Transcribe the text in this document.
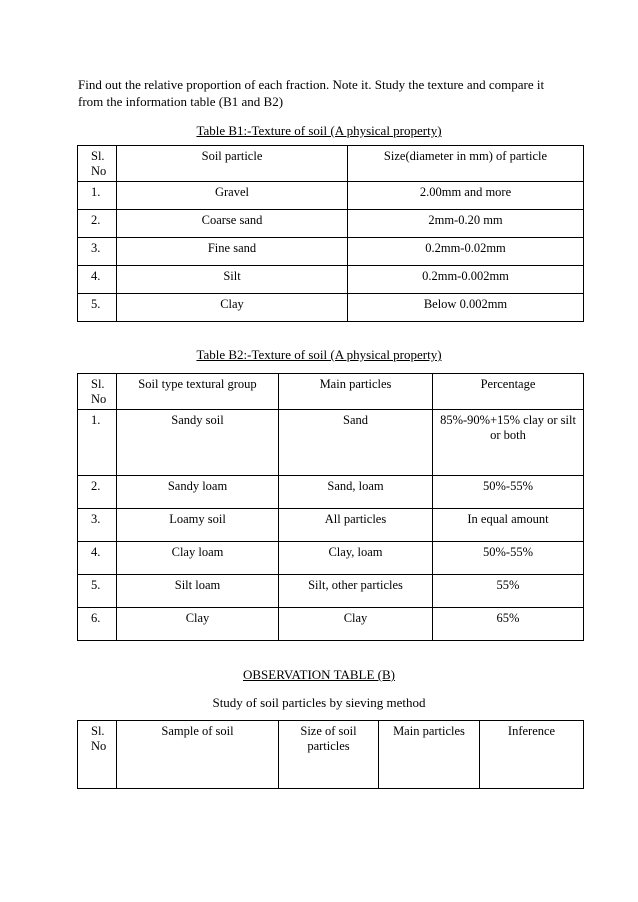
Find out the relative proportion of each fraction. Note it. Study the texture and compare it from the information table (B1 and B2)

Table B1:-Texture of soil (A physical property)

Sl. No	Soil particle	Size(diameter in mm) of particle
1.	Gravel	2.00mm and more
2.	Coarse sand	2mm-0.20 mm
3.	Fine sand	0.2mm-0.02mm
4.	Silt	0.2mm-0.002mm
5.	Clay	Below 0.002mm

Table B2:-Texture of soil (A physical property)

Sl. No	Soil type textural group	Main particles	Percentage
1.	Sandy soil	Sand	85%-90%+15% clay or silt or both
2.	Sandy loam	Sand, loam	50%-55%
3.	Loamy soil	All particles	In equal amount
4.	Clay loam	Clay, loam	50%-55%
5.	Silt loam	Silt, other particles	55%
6.	Clay	Clay	65%

OBSERVATION TABLE (B)

Study of soil particles by sieving method

Sl. No	Sample of soil	Size of soil particles	Main particles	Inference
